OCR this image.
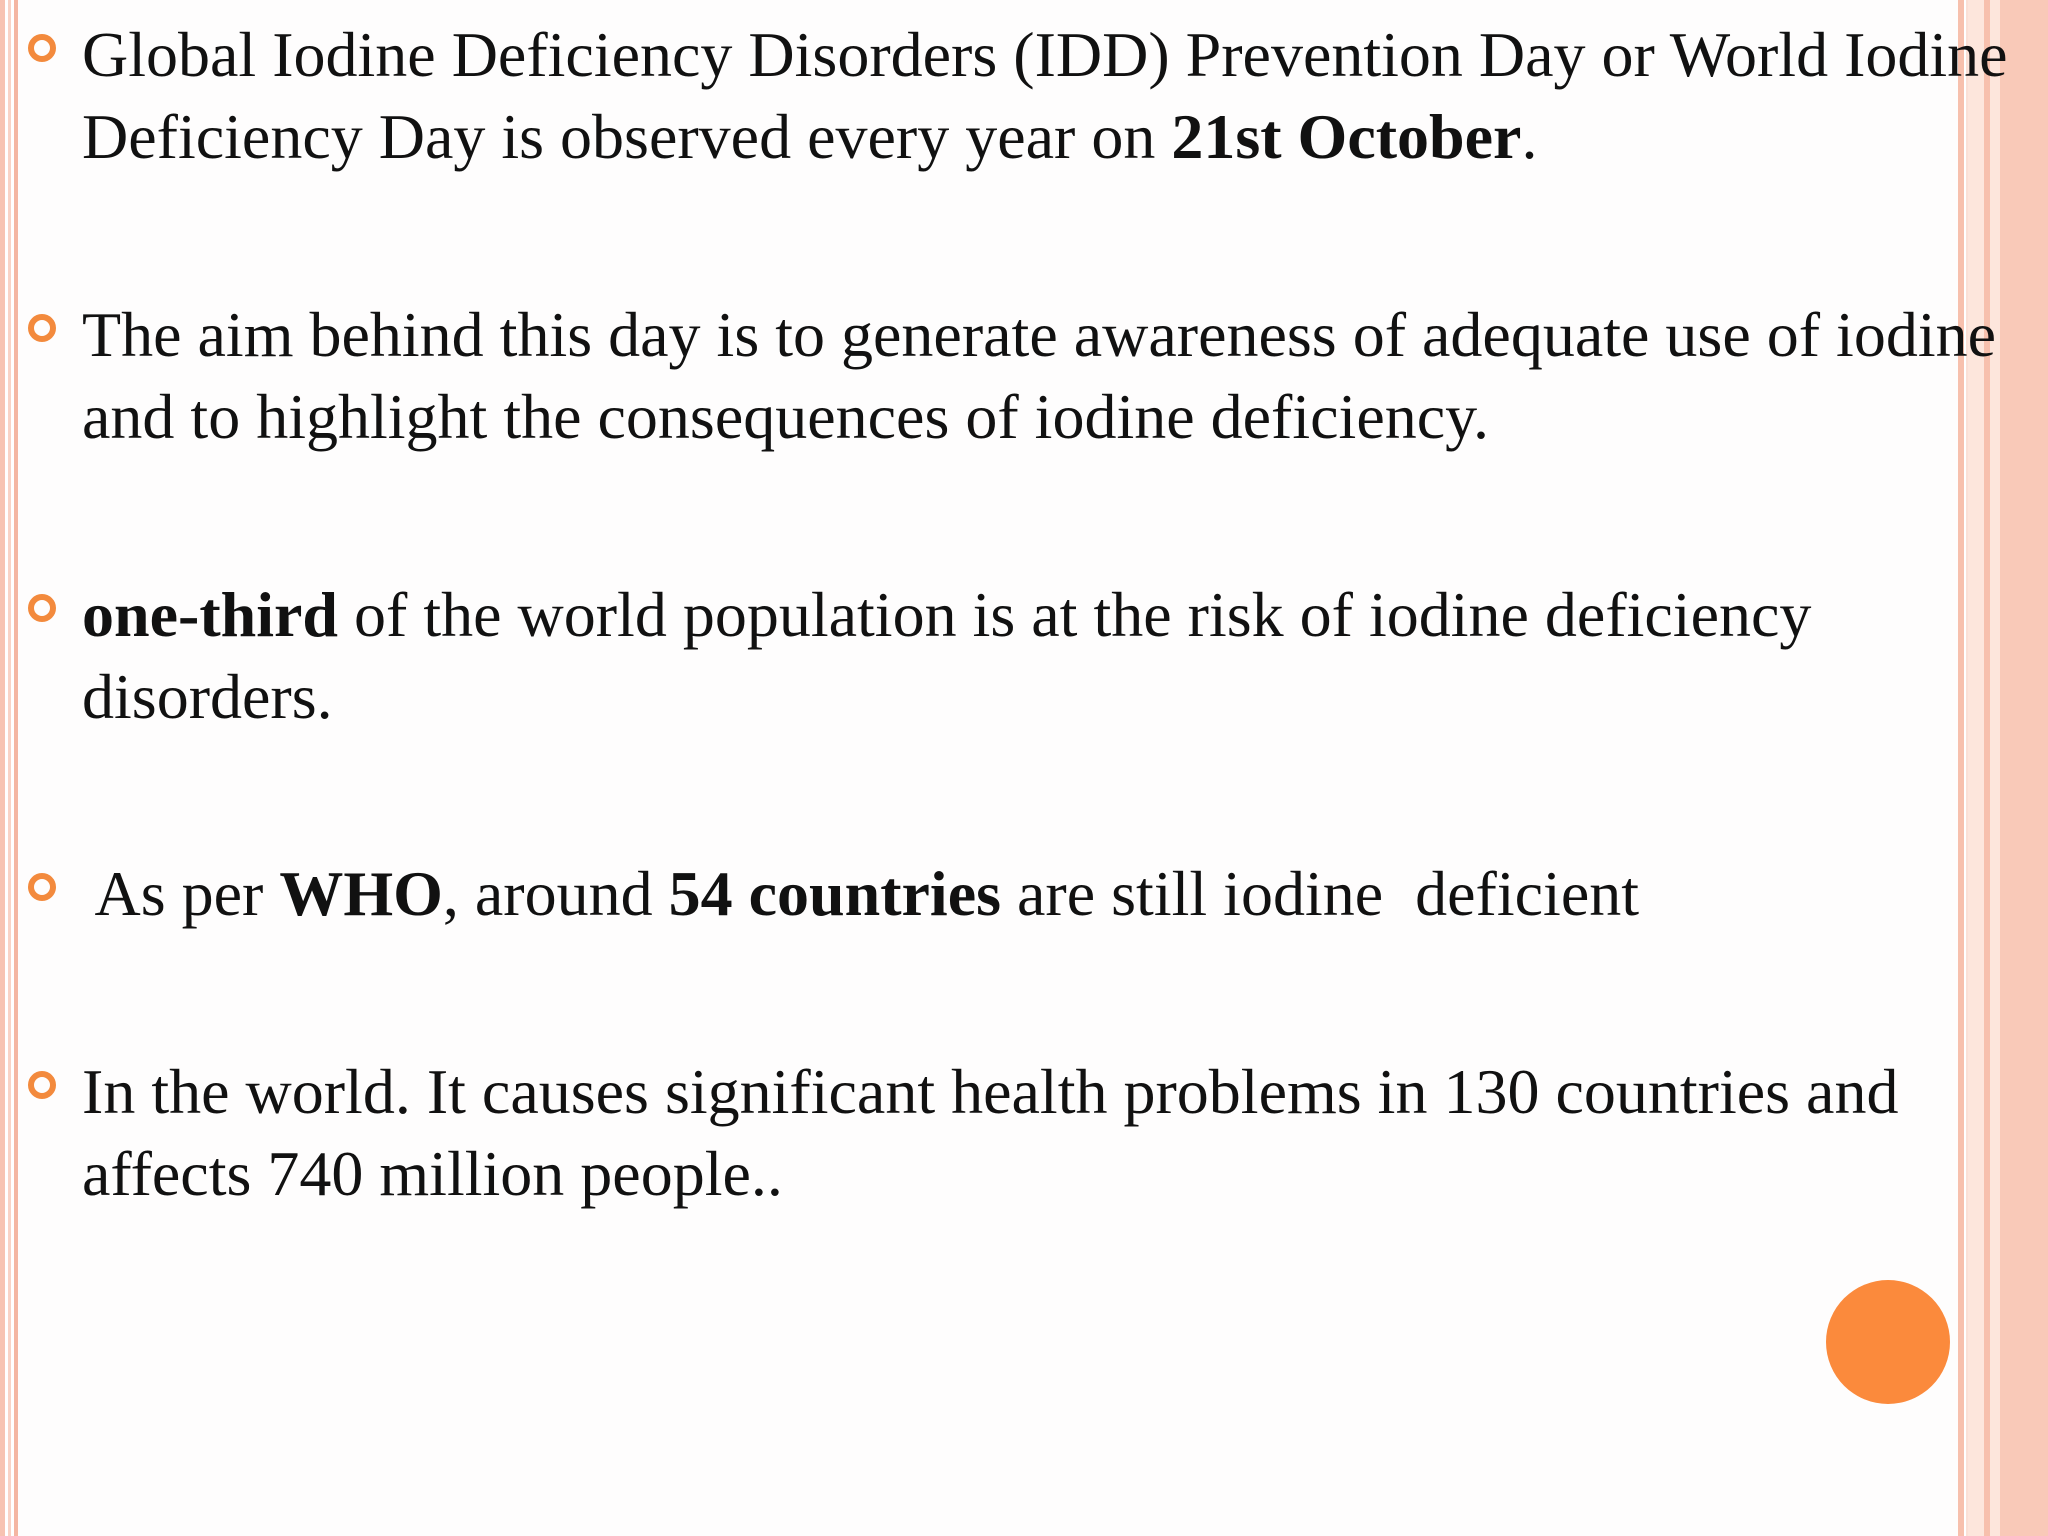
Global Iodine Deficiency Disorders (IDD) Prevention Day or World Iodine Deficiency Day is observed every year on 21st October.

The aim behind this day is to generate awareness of adequate use of iodine and to highlight the consequences of iodine deficiency.

one-third of the world population is at the risk of iodine deficiency disorders.

As per WHO, around 54 countries are still iodine  deficient

In the world. It causes significant health problems in 130 countries and affects 740 million people..
